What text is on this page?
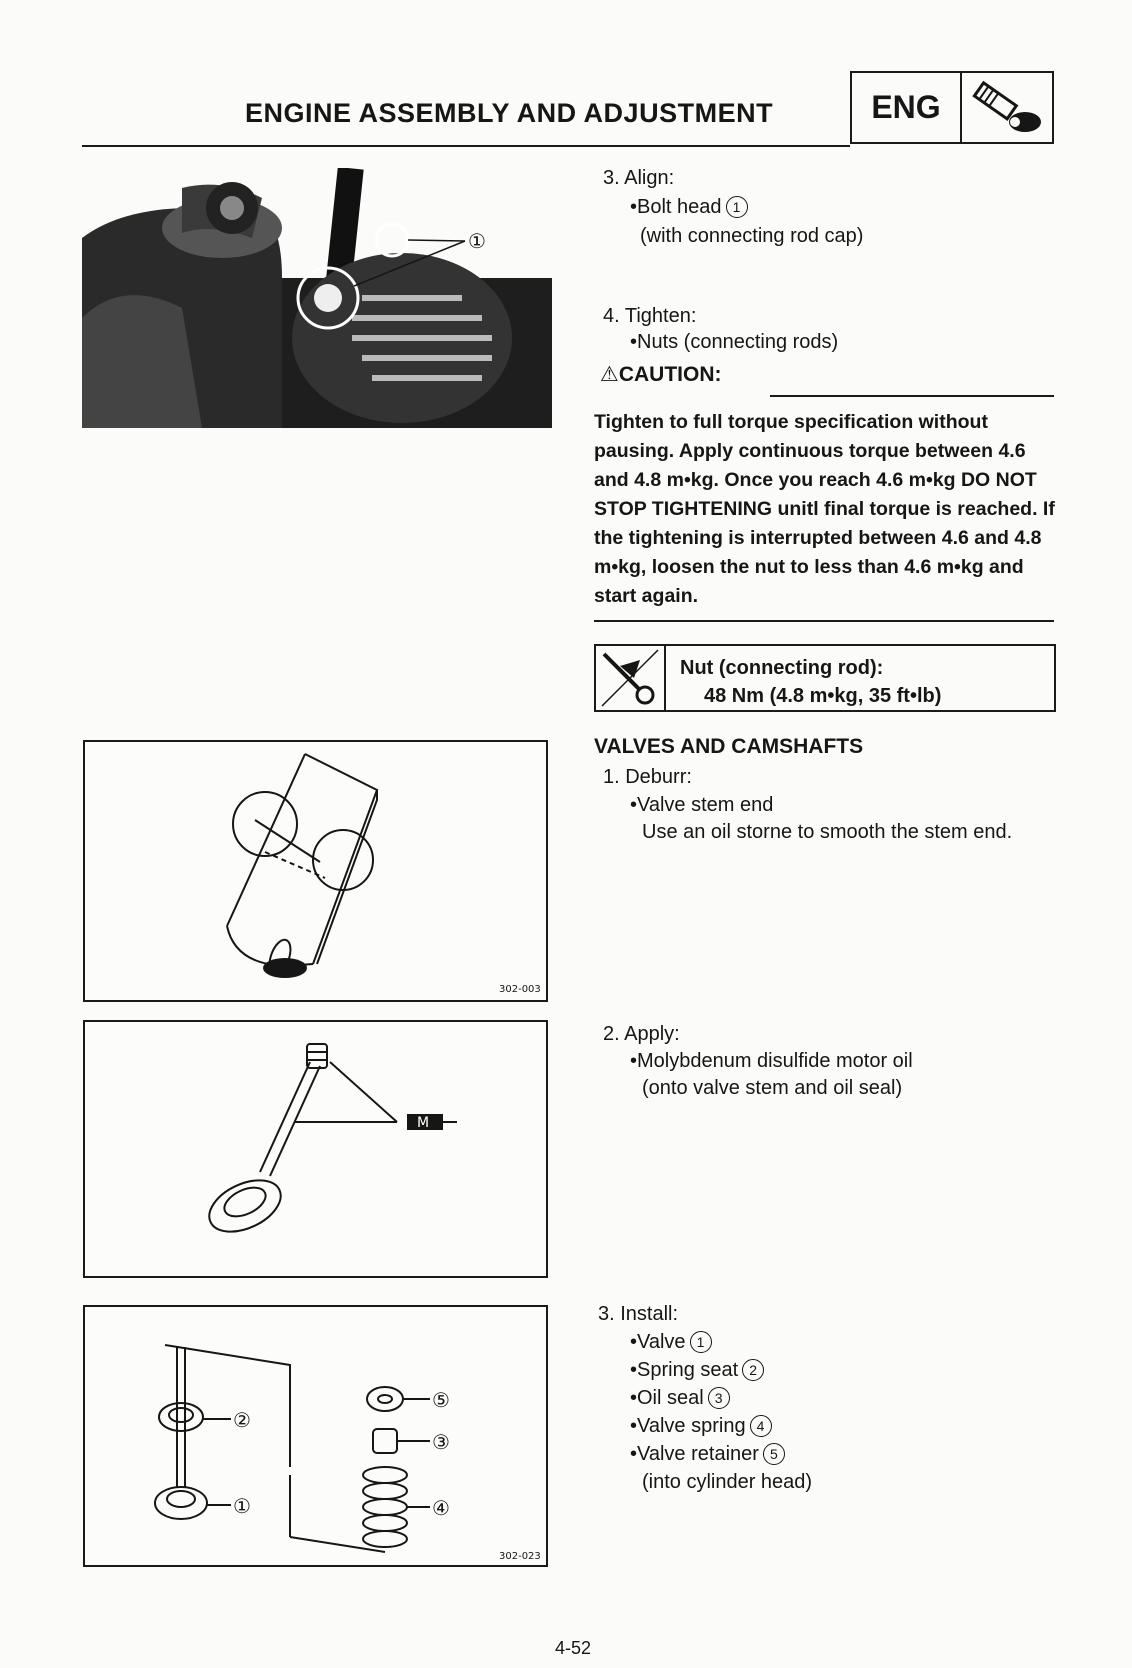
ENGINE ASSEMBLY AND ADJUSTMENT	ENG
①
3. Align:
•Bolt head 1
(with connecting rod cap)
4. Tighten:
•Nuts (connecting rods)
⚠CAUTION:
Tighten to full torque specification without pausing. Apply continuous torque between 4.6 and 4.8 m•kg. Once you reach 4.6 m•kg DO NOT STOP TIGHTENING unitl final torque is reached. If the tightening is interrupted between 4.6 and 4.8 m•kg, loosen the nut to less than 4.6 m•kg and start again.
Nut (connecting rod):
48 Nm (4.8 m•kg, 35 ft•lb)
VALVES AND CAMSHAFTS
1. Deburr:
•Valve stem end
Use an oil storne to smooth the stem end.
302-003
2. Apply:
•Molybdenum disulfide motor oil
(onto valve stem and oil seal)
M
3. Install:
•Valve 1
•Spring seat 2
•Oil seal 3
•Valve spring 4
•Valve retainer 5
(into cylinder head)
②
①
⑤
③
④
302-023
4-52
